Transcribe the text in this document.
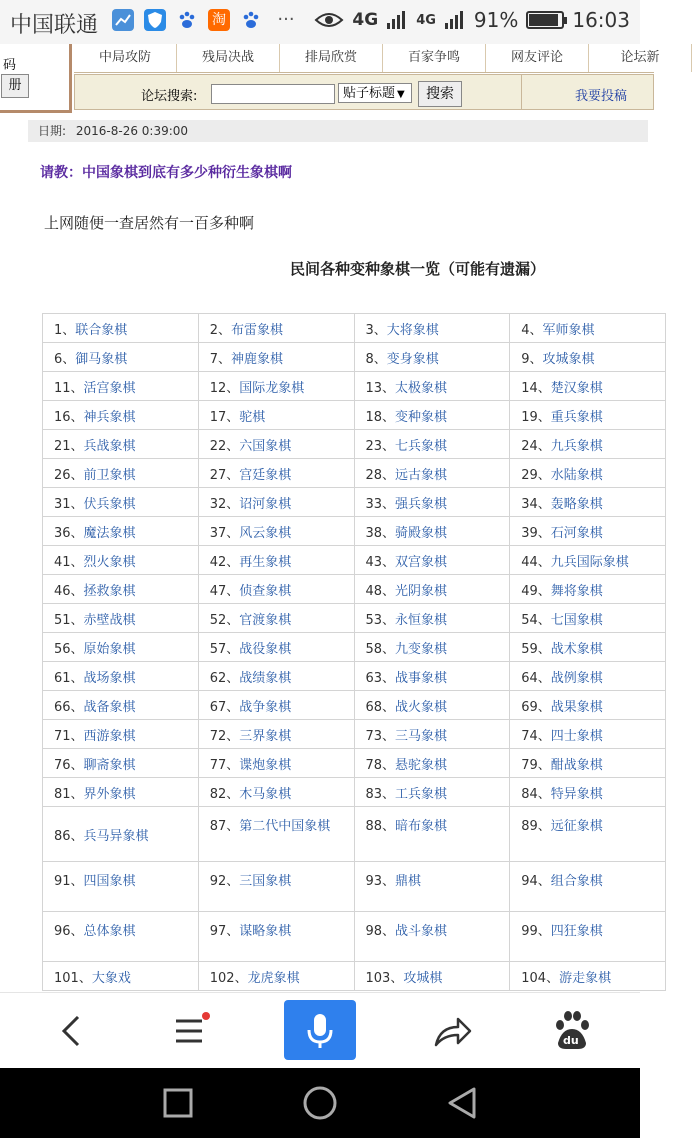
中国联通	淘	···	4G	4G 91%	16:03
码
册
中局攻防	残局决战	排局欣赏	百家争鸣	网友评论	论坛新
论坛搜索:	贴子标题 ▼	搜索	我要投稿
日期: 2016-8-26 0:39:00
请教：中国象棋到底有多少种衍生象棋啊
上网随便一查居然有一百多种啊
民间各种变种象棋一览（可能有遗漏）
1、联合象棋	2、布雷象棋	3、大将象棋	4、军师象棋
6、御马象棋	7、神鹿象棋	8、变身象棋	9、攻城象棋
11、活宫象棋	12、国际龙象棋	13、太极象棋	14、楚汉象棋
16、神兵象棋	17、驼棋	18、变种象棋	19、重兵象棋
21、兵战象棋	22、六国象棋	23、七兵象棋	24、九兵象棋
26、前卫象棋	27、宫廷象棋	28、远古象棋	29、水陆象棋
31、伏兵象棋	32、诏河象棋	33、强兵象棋	34、轰略象棋
36、魔法象棋	37、风云象棋	38、骑殿象棋	39、石河象棋
41、烈火象棋	42、再生象棋	43、双宫象棋	44、九兵国际象棋
46、拯救象棋	47、侦查象棋	48、光阴象棋	49、舞将象棋
51、赤壁战棋	52、官渡象棋	53、永恒象棋	54、七国象棋
56、原始象棋	57、战役象棋	58、九变象棋	59、战术象棋
61、战场象棋	62、战绩象棋	63、战事象棋	64、战例象棋
66、战备象棋	67、战争象棋	68、战火象棋	69、战果象棋
71、西游象棋	72、三界象棋	73、三马象棋	74、四士象棋
76、聊斋象棋	77、谍炮象棋	78、悬驼象棋	79、酣战象棋
81、界外象棋	82、木马象棋	83、工兵象棋	84、特异象棋
86、兵马异象棋	87、第二代中国象棋	88、暗布象棋	89、远征象棋
91、四国象棋	92、三国象棋	93、鼎棋	94、组合象棋
96、总体象棋	97、谋略象棋	98、战斗象棋	99、四狂象棋
101、大象戏	102、龙虎象棋	103、攻城棋	104、游走象棋
du
